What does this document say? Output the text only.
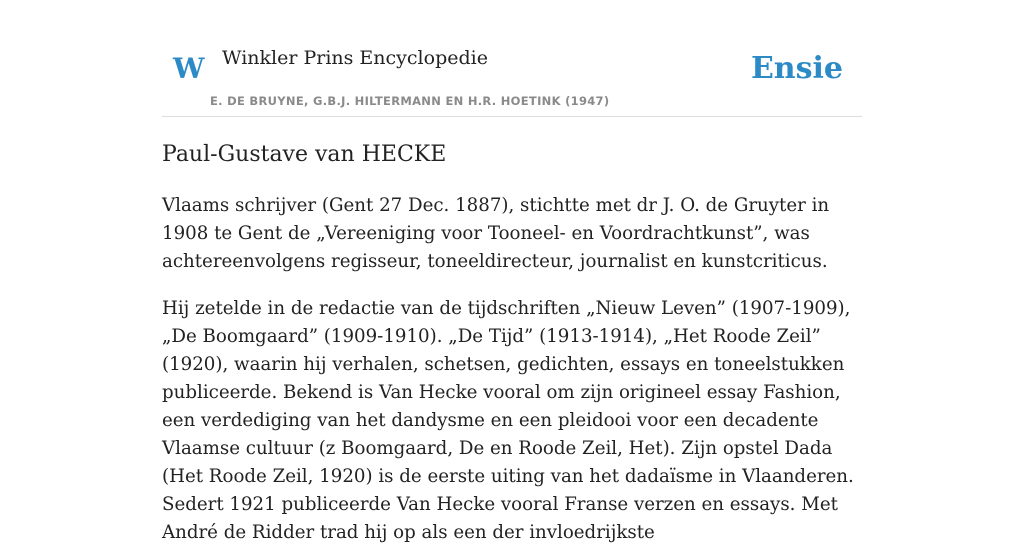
W Winkler Prins Encyclopedie
E. DE BRUYNE, G.B.J. HILTERMANN EN H.R. HOETINK (1947)
Ensie
Paul-Gustave van HECKE

Vlaams schrijver (Gent 27 Dec. 1887), stichtte met dr J. O. de Gruyter in 1908 te Gent de „Vereeniging voor Tooneel- en Voordrachtkunst”, was achtereenvolgens regisseur, toneeldirecteur, journalist en kunstcriticus.

Hij zetelde in de redactie van de tijdschriften „Nieuw Leven” (1907-1909), „De Boomgaard” (1909-1910). „De Tijd” (1913-1914), „Het Roode Zeil” (1920), waarin hij verhalen, schetsen, gedichten, essays en toneelstukken publiceerde. Bekend is Van Hecke vooral om zijn origineel essay Fashion, een verdediging van het dandysme en een pleidooi voor een decadente Vlaamse cultuur (z Boomgaard, De en Roode Zeil, Het). Zijn opstel Dada (Het Roode Zeil, 1920) is de eerste uiting van het dadaïsme in Vlaanderen. Sedert 1921 publiceerde Van Hecke vooral Franse verzen en essays. Met André de Ridder trad hij op als een der invloedrijkste
